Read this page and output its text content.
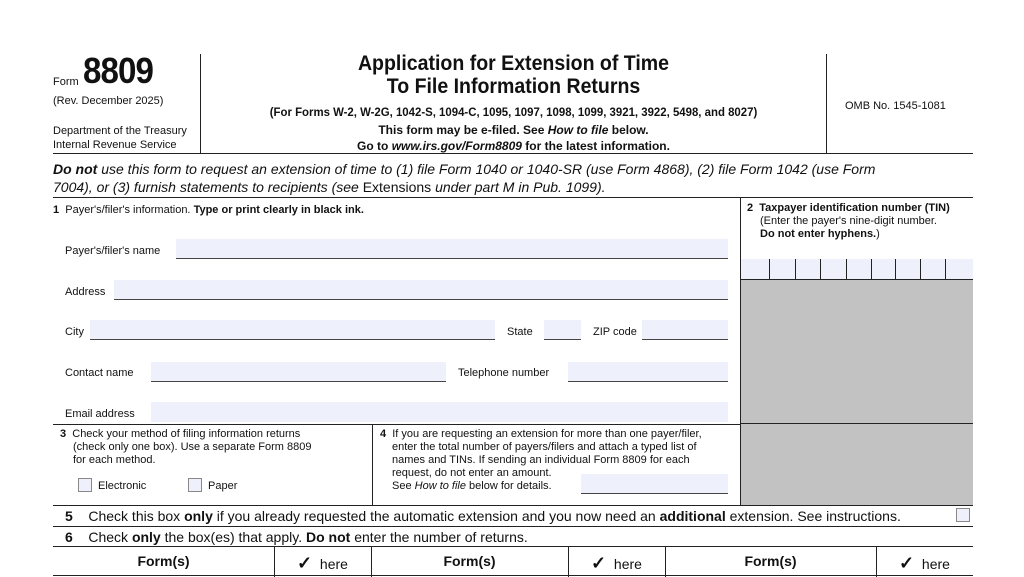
Form 8809
(Rev. December 2025)
Department of the Treasury
Internal Revenue Service
Application for Extension of Time
To File Information Returns
(For Forms W-2, W-2G, 1042-S, 1094-C, 1095, 1097, 1098, 1099, 3921, 3922, 5498, and 8027)
This form may be e-filed. See How to file below.
Go to www.irs.gov/Form8809 for the latest information.
OMB No. 1545-1081
Do not use this form to request an extension of time to (1) file Form 1040 or 1040-SR (use Form 4868), (2) file Form 1042 (use Form
7004), or (3) furnish statements to recipients (see Extensions under part M in Pub. 1099).
1 Payer's/filer's information. Type or print clearly in black ink.
Payer's/filer's name
Address
City	State	ZIP code
Contact name	Telephone number
Email address
2 Taxpayer identification number (TIN)
(Enter the payer's nine-digit number.
Do not enter hyphens.)
3 Check your method of filing information returns
(check only one box). Use a separate Form 8809
for each method.
Electronic	Paper
4 If you are requesting an extension for more than one payer/filer,
enter the total number of payers/filers and attach a typed list of
names and TINs. If sending an individual Form 8809 for each
request, do not enter an amount.
See How to file below for details.
5 Check this box only if you already requested the automatic extension and you now need an additional extension. See instructions.
6 Check only the box(es) that apply. Do not enter the number of returns.
Form(s)	✓ here	Form(s)	✓ here	Form(s)	✓ here
